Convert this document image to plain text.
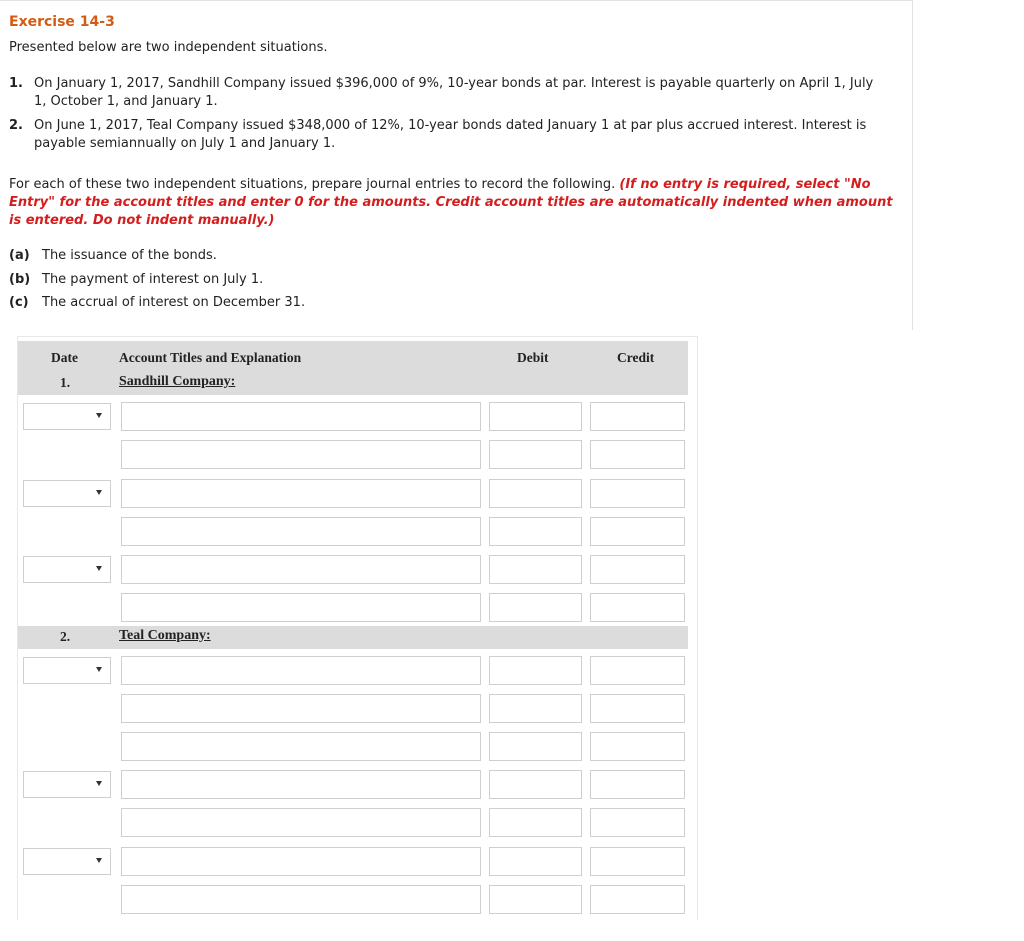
Exercise 14-3
Presented below are two independent situations.
1. On January 1, 2017, Sandhill Company issued $396,000 of 9%, 10-year bonds at par. Interest is payable quarterly on April 1, July 1, October 1, and January 1.
2. On June 1, 2017, Teal Company issued $348,000 of 12%, 10-year bonds dated January 1 at par plus accrued interest. Interest is payable semiannually on July 1 and January 1.
For each of these two independent situations, prepare journal entries to record the following. (If no entry is required, select "No Entry" for the account titles and enter 0 for the amounts. Credit account titles are automatically indented when amount is entered. Do not indent manually.)
(a) The issuance of the bonds.
(b) The payment of interest on July 1.
(c) The accrual of interest on December 31.
Date	Account Titles and Explanation	Debit	Credit
1.	Sandhill Company:
2.	Teal Company:
